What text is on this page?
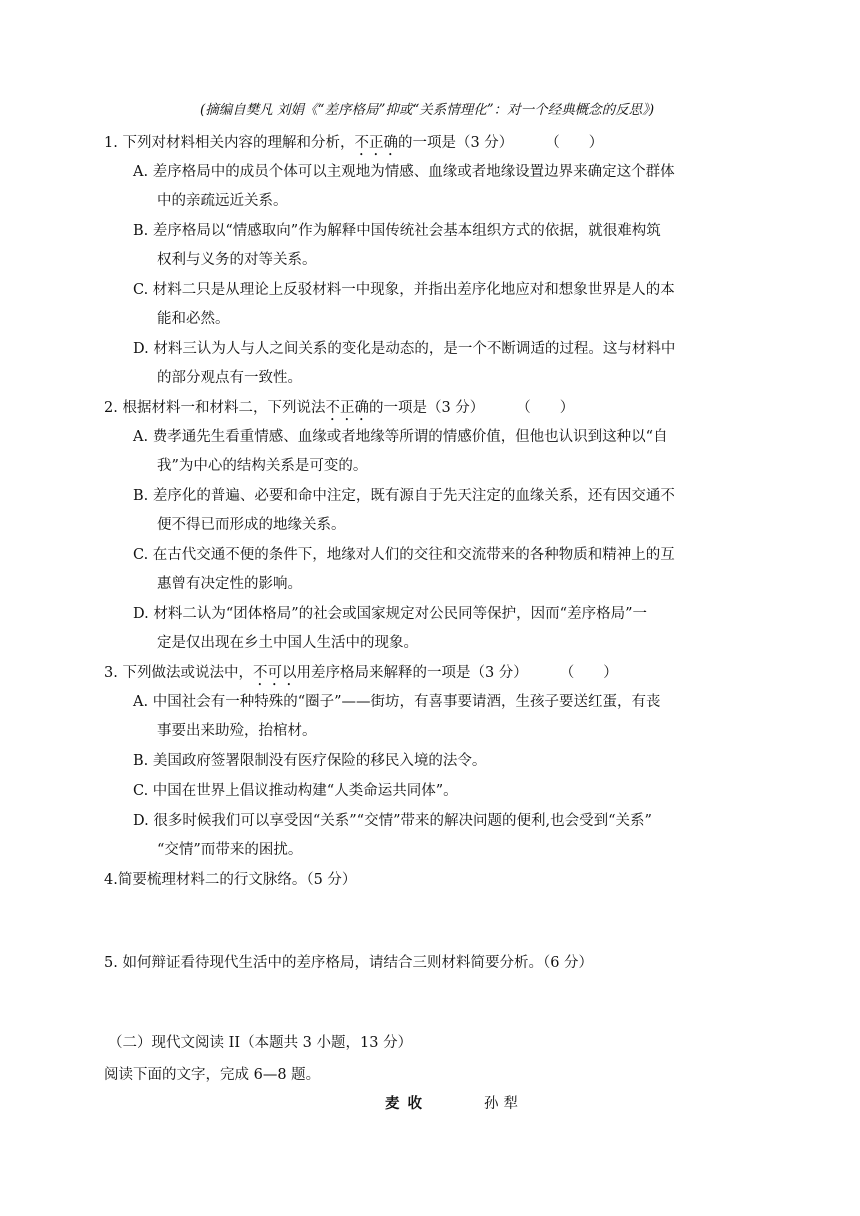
(摘编自樊凡 刘娟《“差序格局”抑或“关系情理化”：对一个经典概念的反思》)
1. 下列对材料相关内容的理解和分析，不正确的一项是（3 分） （　　）
A. 差序格局中的成员个体可以主观地为情感、血缘或者地缘设置边界来确定这个群体
中的亲疏远近关系。
B. 差序格局以“情感取向”作为解释中国传统社会基本组织方式的依据，就很难构筑
权利与义务的对等关系。
C. 材料二只是从理论上反驳材料一中现象，并指出差序化地应对和想象世界是人的本
能和必然。
D. 材料三认为人与人之间关系的变化是动态的，是一个不断调适的过程。这与材料中
的部分观点有一致性。
2. 根据材料一和材料二，下列说法不正确的一项是（3 分） （　　）
A. 费孝通先生看重情感、血缘或者地缘等所谓的情感价值，但他也认识到这种以“自
我”为中心的结构关系是可变的。
B. 差序化的普遍、必要和命中注定，既有源自于先天注定的血缘关系，还有因交通不
便不得已而形成的地缘关系。
C. 在古代交通不便的条件下，地缘对人们的交往和交流带来的各种物质和精神上的互
惠曾有决定性的影响。
D. 材料二认为“团体格局”的社会或国家规定对公民同等保护，因而“差序格局”一
定是仅出现在乡土中国人生活中的现象。
3. 下列做法或说法中，不可以用差序格局来解释的一项是（3 分） （　　）
A. 中国社会有一种特殊的“圈子”——街坊，有喜事要请酒，生孩子要送红蛋，有丧
事要出来助殓，抬棺材。
B. 美国政府签署限制没有医疗保险的移民入境的法令。
C. 中国在世界上倡议推动构建“人类命运共同体”。
D. 很多时候我们可以享受因“关系”“交情”带来的解决问题的便利,也会受到“关系”
“交情”而带来的困扰。
4.简要梳理材料二的行文脉络。（5 分）
5. 如何辩证看待现代生活中的差序格局，请结合三则材料简要分析。（6 分）
（二）现代文阅读 II（本题共 3 小题，13 分）
阅读下面的文字，完成 6—8 题。
麦收	孙犁
